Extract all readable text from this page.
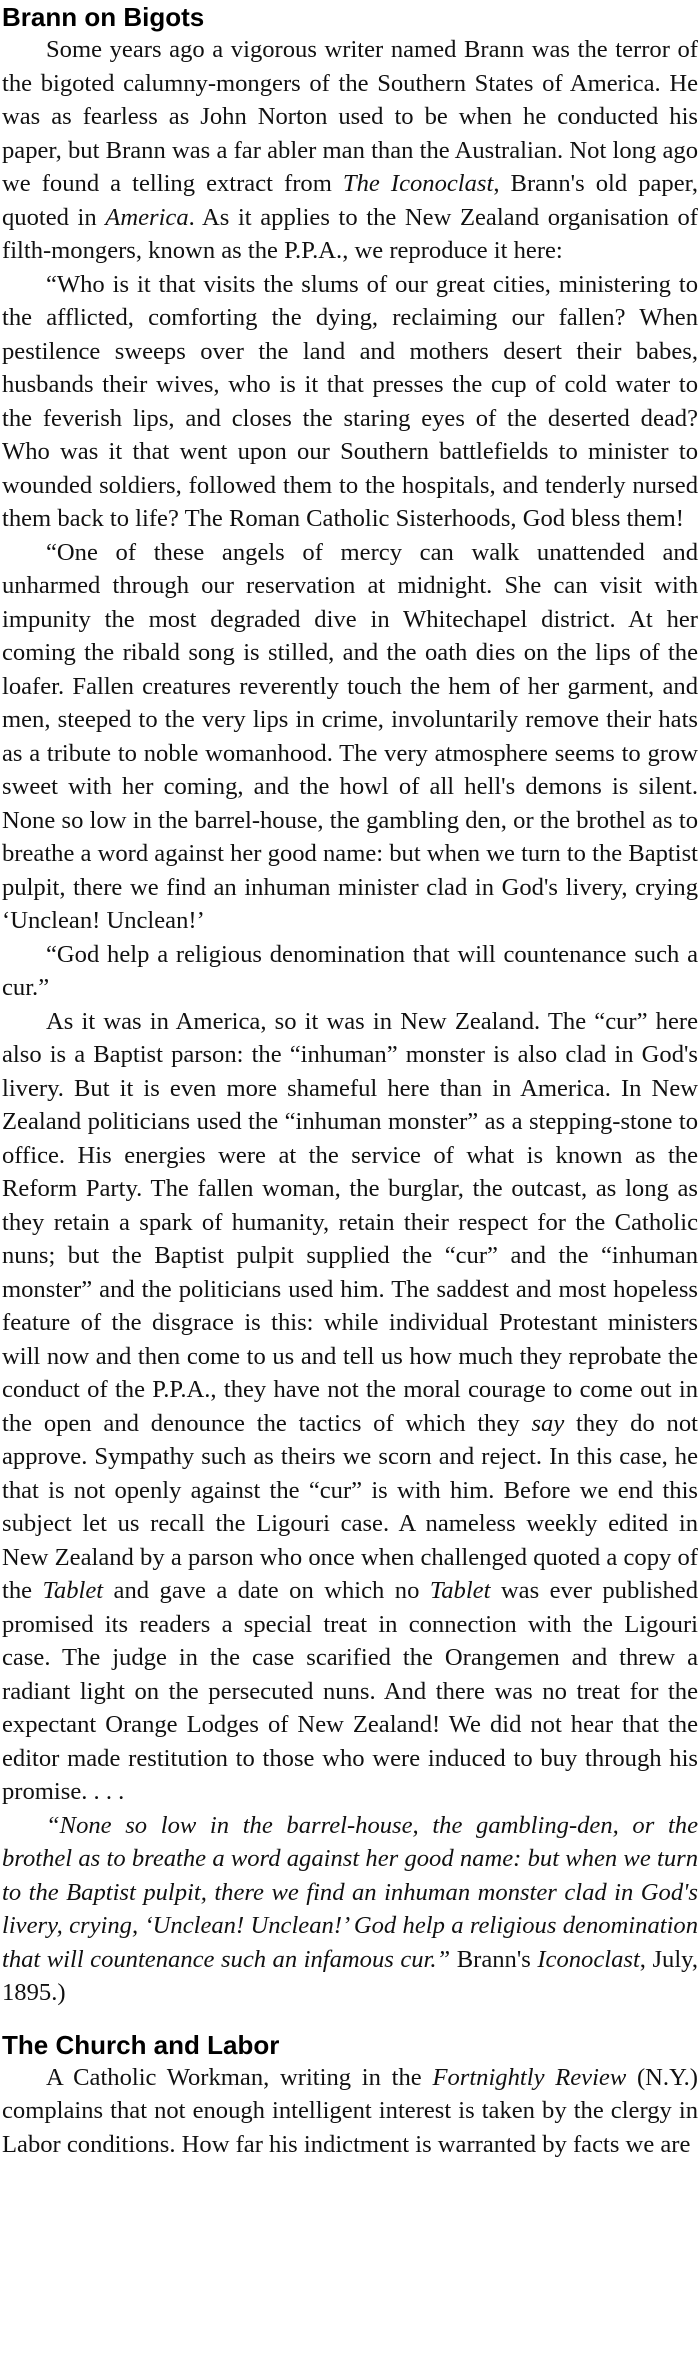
Brann on Bigots

Some years ago a vigorous writer named Brann was the terror of the bigoted calumny-mongers of the Southern States of America. He was as fearless as John Norton used to be when he conducted his paper, but Brann was a far abler man than the Australian. Not long ago we found a telling extract from The Iconoclast, Brann's old paper, quoted in America. As it applies to the New Zealand organisation of filth-mongers, known as the P.P.A., we reproduce it here:

“Who is it that visits the slums of our great cities, ministering to the afflicted, comforting the dying, reclaiming our fallen? When pestilence sweeps over the land and mothers desert their babes, husbands their wives, who is it that presses the cup of cold water to the feverish lips, and closes the staring eyes of the deserted dead? Who was it that went upon our Southern battlefields to minister to wounded soldiers, followed them to the hospitals, and tenderly nursed them back to life? The Roman Catholic Sisterhoods, God bless them!

“One of these angels of mercy can walk unattended and unharmed through our reservation at midnight. She can visit with impunity the most degraded dive in Whitechapel district. At her coming the ribald song is stilled, and the oath dies on the lips of the loafer. Fallen creatures reverently touch the hem of her garment, and men, steeped to the very lips in crime, involuntarily remove their hats as a tribute to noble womanhood. The very atmosphere seems to grow sweet with her coming, and the howl of all hell's demons is silent. None so low in the barrel-house, the gambling den, or the brothel as to breathe a word against her good name: but when we turn to the Baptist pulpit, there we find an inhuman minister clad in God's livery, crying ‘Unclean! Unclean!’

“God help a religious denomination that will countenance such a cur.”

As it was in America, so it was in New Zealand. The “cur” here also is a Baptist parson: the “inhuman” monster is also clad in God's livery. But it is even more shameful here than in America. In New Zealand politicians used the “inhuman monster” as a stepping-stone to office. His energies were at the service of what is known as the Reform Party. The fallen woman, the burglar, the outcast, as long as they retain a spark of humanity, retain their respect for the Catholic nuns; but the Baptist pulpit supplied the “cur” and the “inhuman monster” and the politicians used him. The saddest and most hopeless feature of the disgrace is this: while individual Protestant ministers will now and then come to us and tell us how much they reprobate the conduct of the P.P.A., they have not the moral courage to come out in the open and denounce the tactics of which they say they do not approve. Sympathy such as theirs we scorn and reject. In this case, he that is not openly against the “cur” is with him. Before we end this subject let us recall the Ligouri case. A nameless weekly edited in New Zealand by a parson who once when challenged quoted a copy of the Tablet and gave a date on which no Tablet was ever published promised its readers a special treat in connection with the Ligouri case. The judge in the case scarified the Orangemen and threw a radiant light on the persecuted nuns. And there was no treat for the expectant Orange Lodges of New Zealand! We did not hear that the editor made restitution to those who were induced to buy through his promise. . . .

“None so low in the barrel-house, the gambling-den, or the brothel as to breathe a word against her good name: but when we turn to the Baptist pulpit, there we find an inhuman monster clad in God's livery, crying, ‘Unclean! Unclean!’ God help a religious denomination that will countenance such an infamous cur.” Brann's Iconoclast, July, 1895.)

The Church and Labor

A Catholic Workman, writing in the Fortnightly Review (N.Y.) complains that not enough intelligent interest is taken by the clergy in Labor conditions. How far his indictment is warranted by facts we are
